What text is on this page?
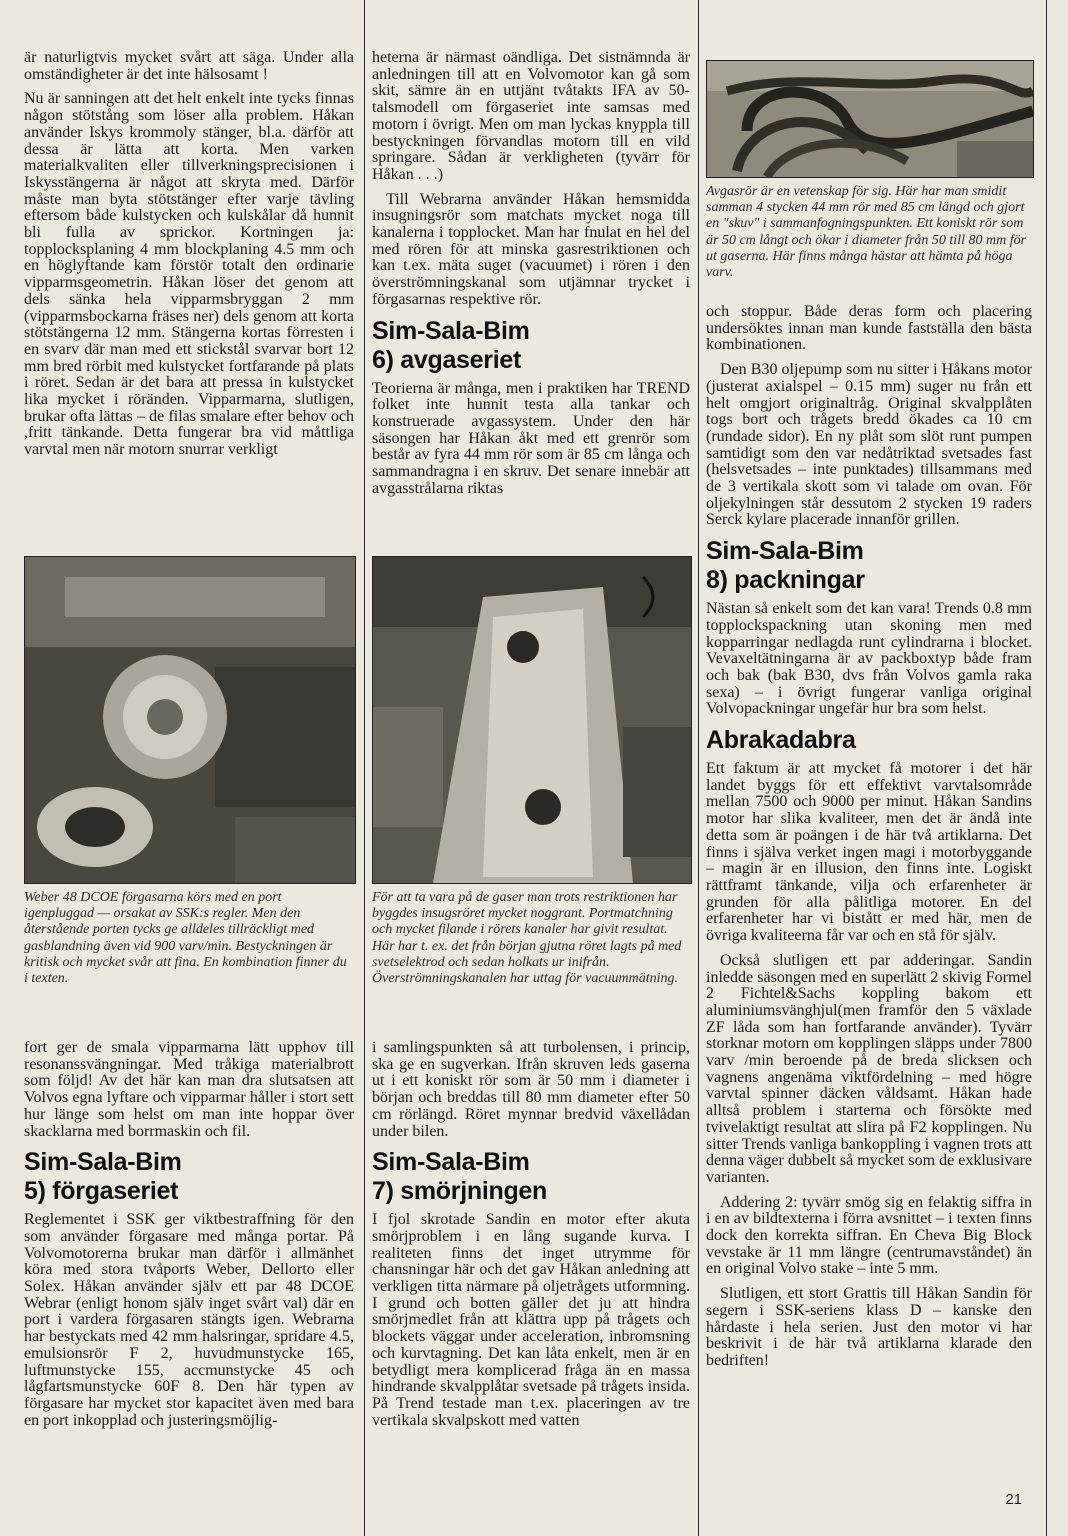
är naturligtvis mycket svårt att säga. Under alla omständigheter är det inte hälsosamt !

Nu är sanningen att det helt enkelt inte tycks finnas någon stötstång som löser alla problem. Håkan använder Iskys krommoly stänger, bl.a. därför att dessa är lätta att korta. Men varken materialkvaliten eller tillverkningsprecisionen i Iskysstängerna är något att skryta med. Därför måste man byta stötstänger efter varje tävling eftersom både kulstycken och kulskålar då hunnit bli fulla av sprickor. Kortningen ja: topplocksplaning 4 mm blockplaning 4.5 mm och en höglyftande kam förstör totalt den ordinarie vipparmsgeometrin. Håkan löser det genom att dels sänka hela vipparmsbryggan 2 mm (vipparmsbockarna fräses ner) dels genom att korta stötstängerna 12 mm. Stängerna kortas förresten i en svarv där man med ett stickstål svarvar bort 12 mm bred rörbit med kulstycket fortfarande på plats i röret. Sedan är det bara att pressa in kulstycket lika mycket i röränden. Vipparmarna, slutligen, brukar ofta lättas – de filas smalare efter behov och ,fritt tänkande. Detta fungerar bra vid måttliga varvtal men när motorn snurrar verkligt

Weber 48 DCOE förgasarna körs med en port igenpluggad — orsakat av SSK:s regler. Men den återstående porten tycks ge alldeles tillräckligt med gasblandning även vid 900 varv/min. Bestyckningen är kritisk och mycket svår att fina. En kombination finner du i texten.

fort ger de smala vipparmarna lätt upphov till resonanssvängningar. Med tråkiga materialbrott som följd! Av det här kan man dra slutsatsen att Volvos egna lyftare och vipparmar håller i stort sett hur länge som helst om man inte hoppar över skacklarna med borrmaskin och fil.

Sim-Sala-Bim
5) förgaseriet

Reglementet i SSK ger viktbestraffning för den som använder förgasare med många portar. På Volvomotorerna brukar man därför i allmänhet köra med stora tvåports Weber, Dellorto eller Solex. Håkan använder själv ett par 48 DCOE Webrar (enligt honom själv inget svårt val) där en port i vardera förgasaren stängts igen. Webrarna har bestyckats med 42 mm halsringar, spridare 4.5, emulsionsrör F 2, huvudmunstycke 165, luftmunstycke 155, accmunstycke 45 och lågfartsmunstycke 60F 8. Den här typen av förgasare har mycket stor kapacitet även med bara en port inkopplad och justeringsmöjlig-

heterna är närmast oändliga. Det sistnämnda är anledningen till att en Volvomotor kan gå som skit, sämre än en uttjänt tvåtakts IFA av 50-talsmodell om förgaseriet inte samsas med motorn i övrigt. Men om man lyckas knyppla till bestyckningen förvandlas motorn till en vild springare. Sådan är verkligheten (tyvärr för Håkan . . .)

Till Webrarna använder Håkan hemsmidda insugningsrör som matchats mycket noga till kanalerna i topplocket. Man har fnulat en hel del med rören för att minska gasrestriktionen och kan t.ex. mäta suget (vacuumet) i rören i den överströmningskanal som utjämnar trycket i förgasarnas respektive rör.

Sim-Sala-Bim
6) avgaseriet

Teorierna är många, men i praktiken har TREND folket inte hunnit testa alla tankar och konstruerade avgassystem. Under den här säsongen har Håkan åkt med ett grenrör som består av fyra 44 mm rör som är 85 cm långa och sammandragna i en skruv. Det senare innebär att avgasstrålarna riktas

För att ta vara på de gaser man trots restriktionen har byggdes insugsröret mycket noggrant. Portmatchning och mycket filande i rörets kanaler har givit resultat. Här har t. ex. det från början gjutna röret lagts på med svetselektrod och sedan holkats ur inifrån. Överströmningskanalen har uttag för vacuummätning.

i samlingspunkten så att turbolensen, i princip, ska ge en sugverkan. Ifrån skruven leds gaserna ut i ett koniskt rör som är 50 mm i diameter i början och breddas till 80 mm diameter efter 50 cm rörlängd. Röret mynnar bredvid växellådan under bilen.

Sim-Sala-Bim
7) smörjningen

I fjol skrotade Sandin en motor efter akuta smörjproblem i en lång sugande kurva. I realiteten finns det inget utrymme för chansningar här och det gav Håkan anledning att verkligen titta närmare på oljetrågets utformning. I grund och botten gäller det ju att hindra smörjmedlet från att klättra upp på trågets och blockets väggar under acceleration, inbromsning och kurvtagning. Det kan låta enkelt, men är en betydligt mera komplicerad fråga än en massa hindrande skvalpplåtar svetsade på trågets insida. På Trend testade man t.ex. placeringen av tre vertikala skvalpskott med vatten

Avgasrör är en vetenskap för sig. Här har man smidit samman 4 stycken 44 mm rör med 85 cm längd och gjort en "skuv" i sammanfogningspunkten. Ett koniskt rör som är 50 cm långt och ökar i diameter från 50 till 80 mm för ut gaserna. Här finns många hästar att hämta på höga varv.

och stoppur. Både deras form och placering undersöktes innan man kunde fastställa den bästa kombinationen.

Den B30 oljepump som nu sitter i Håkans motor (justerat axialspel – 0.15 mm) suger nu från ett helt omgjort originaltråg. Original skvalpplåten togs bort och trågets bredd ökades ca 10 cm (rundade sidor). En ny plåt som slöt runt pumpen samtidigt som den var nedåtriktad svetsades fast (helsvetsades – inte punktades) tillsammans med de 3 vertikala skott som vi talade om ovan. För oljekylningen står dessutom 2 stycken 19 raders Serck kylare placerade innanför grillen.

Sim-Sala-Bim
8) packningar

Nästan så enkelt som det kan vara! Trends 0.8 mm topplockspackning utan skoning men med kopparringar nedlagda runt cylindrarna i blocket. Vevaxeltätningarna är av packboxtyp både fram och bak (bak B30, dvs från Volvos gamla raka sexa) – i övrigt fungerar vanliga original Volvopackningar ungefär hur bra som helst.

Abrakadabra

Ett faktum är att mycket få motorer i det här landet byggs för ett effektivt varvtalsområde mellan 7500 och 9000 per minut. Håkan Sandins motor har slika kvaliteer, men det är ändå inte detta som är poängen i de här två artiklarna. Det finns i själva verket ingen magi i motorbyggande – magin är en illusion, den finns inte. Logiskt rättframt tänkande, vilja och erfarenheter är grunden för alla pålitliga motorer. En del erfarenheter har vi bistått er med här, men de övriga kvaliteerna får var och en stå för själv.

Också slutligen ett par adderingar. Sandin inledde säsongen med en superlätt 2 skivig Formel 2 Fichtel&Sachs koppling bakom ett aluminiumsvänghjul(men framför den 5 växlade ZF låda som han fortfarande använder). Tyvärr storknar motorn om kopplingen släpps under 7800 varv /min beroende på de breda slicksen och vagnens angenäma viktfördelning – med högre varvtal spinner däcken våldsamt. Håkan hade alltså problem i starterna och försökte med tvivelaktigt resultat att slira på F2 kopplingen. Nu sitter Trends vanliga bankoppling i vagnen trots att denna väger dubbelt så mycket som de exklusivare varianten.

Addering 2: tyvärr smög sig en felaktig siffra in i en av bildtexterna i förra avsnittet – i texten finns dock den korrekta siffran. En Cheva Big Block vevstake är 11 mm längre (centrumavståndet) än en original Volvo stake – inte 5 mm.

Slutligen, ett stort Grattis till Håkan Sandin för segern i SSK-seriens klass D – kanske den hårdaste i hela serien. Just den motor vi har beskrivit i de här två artiklarna klarade den bedriften!

21
